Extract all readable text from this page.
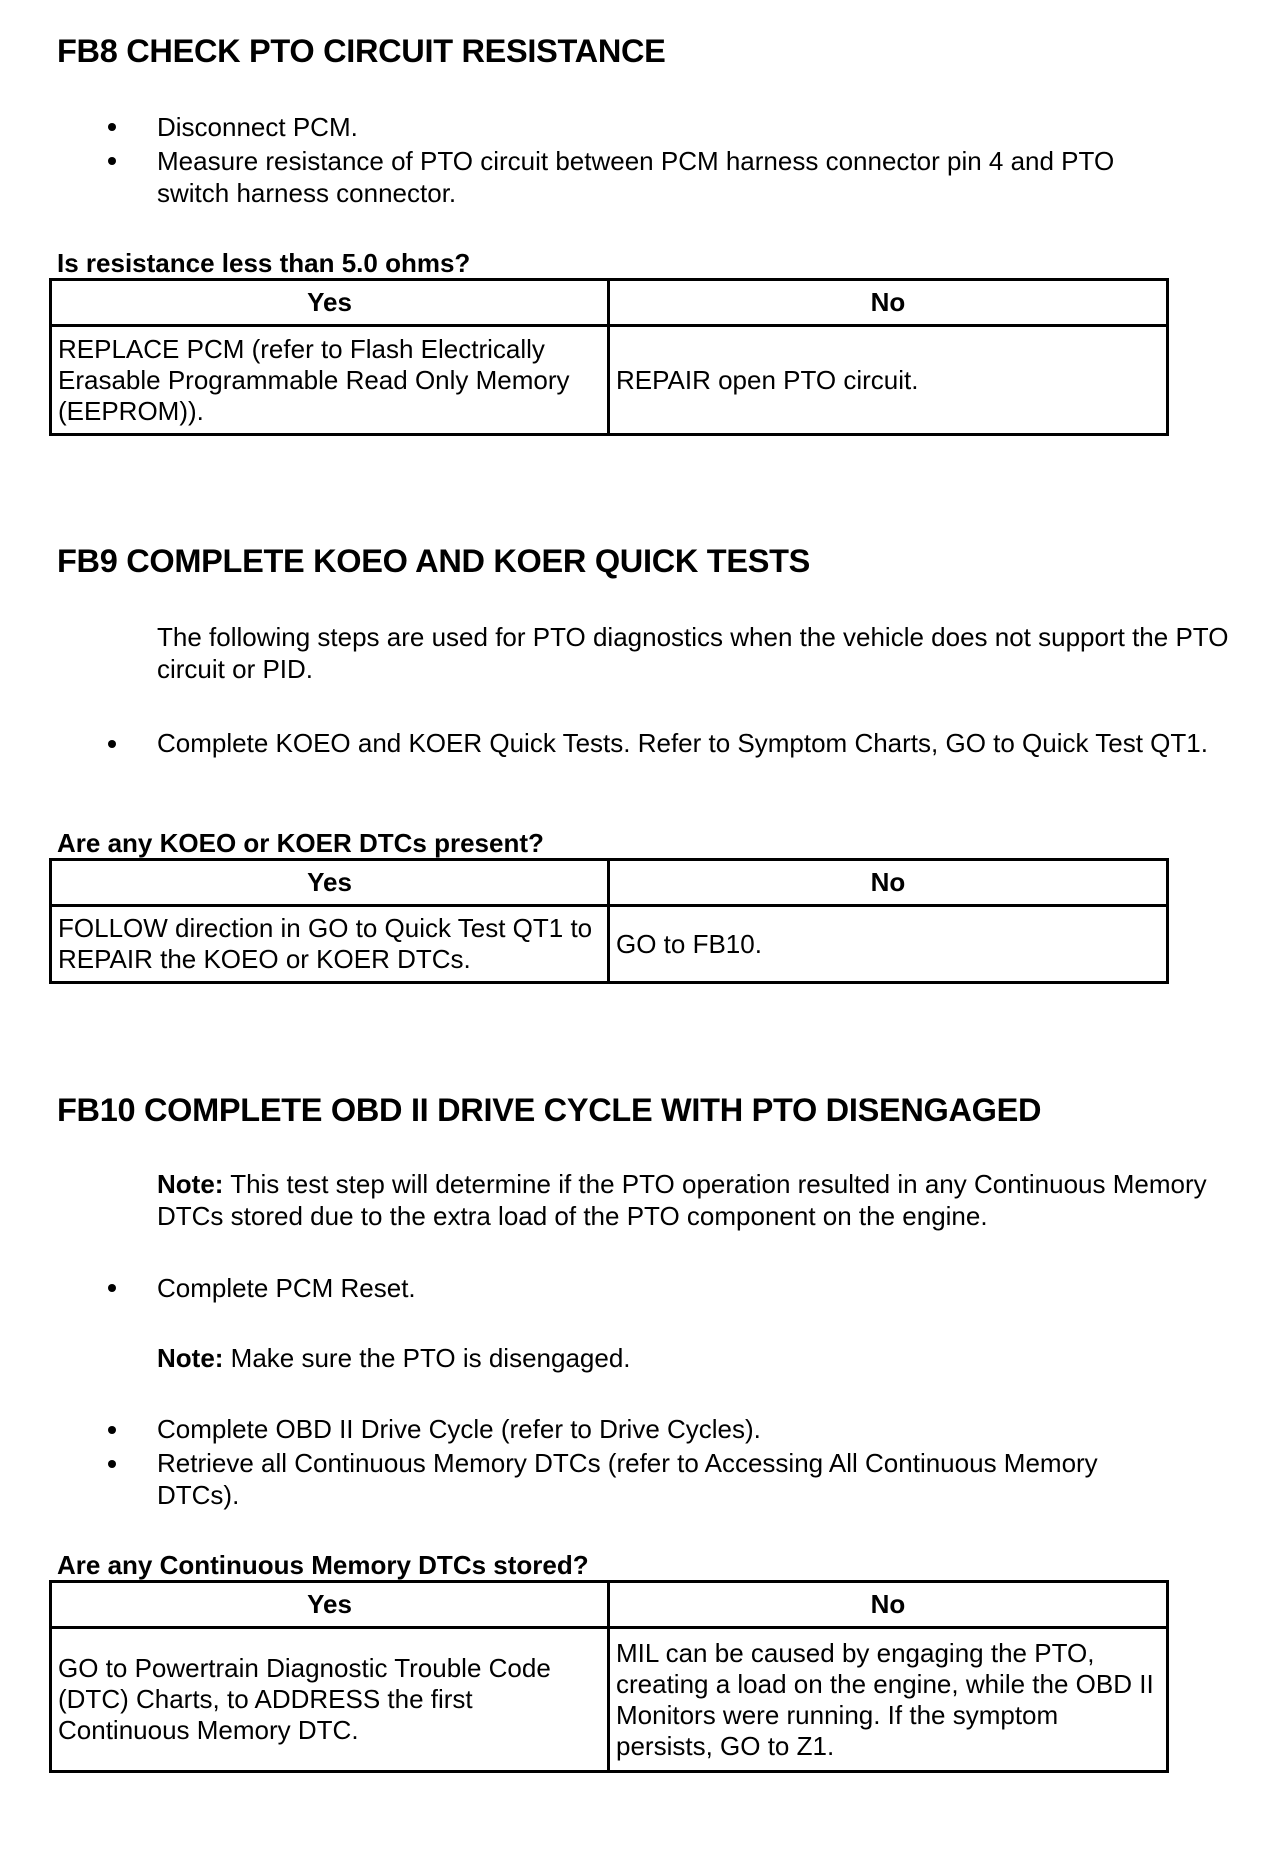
FB8 CHECK PTO CIRCUIT RESISTANCE

Disconnect PCM.

Measure resistance of PTO circuit between PCM harness connector pin 4 and PTO switch harness connector.

Is resistance less than 5.0 ohms?

Yes	No
REPLACE PCM (refer to Flash Electrically Erasable Programmable Read Only Memory (EEPROM)).	REPAIR open PTO circuit.
FB9 COMPLETE KOEO AND KOER QUICK TESTS

The following steps are used for PTO diagnostics when the vehicle does not support the PTO circuit or PID.

Complete KOEO and KOER Quick Tests. Refer to Symptom Charts, GO to Quick Test QT1.

Are any KOEO or KOER DTCs present?

Yes	No
FOLLOW direction in GO to Quick Test QT1 to REPAIR the KOEO or KOER DTCs.	GO to FB10.
FB10 COMPLETE OBD II DRIVE CYCLE WITH PTO DISENGAGED

Note: This test step will determine if the PTO operation resulted in any Continuous Memory DTCs stored due to the extra load of the PTO component on the engine.

Complete PCM Reset.

Note: Make sure the PTO is disengaged.

Complete OBD II Drive Cycle (refer to Drive Cycles).

Retrieve all Continuous Memory DTCs (refer to Accessing All Continuous Memory DTCs).

Are any Continuous Memory DTCs stored?

Yes	No
GO to Powertrain Diagnostic Trouble Code (DTC) Charts, to ADDRESS the first Continuous Memory DTC.	MIL can be caused by engaging the PTO, creating a load on the engine, while the OBD II Monitors were running. If the symptom persists, GO to Z1.
